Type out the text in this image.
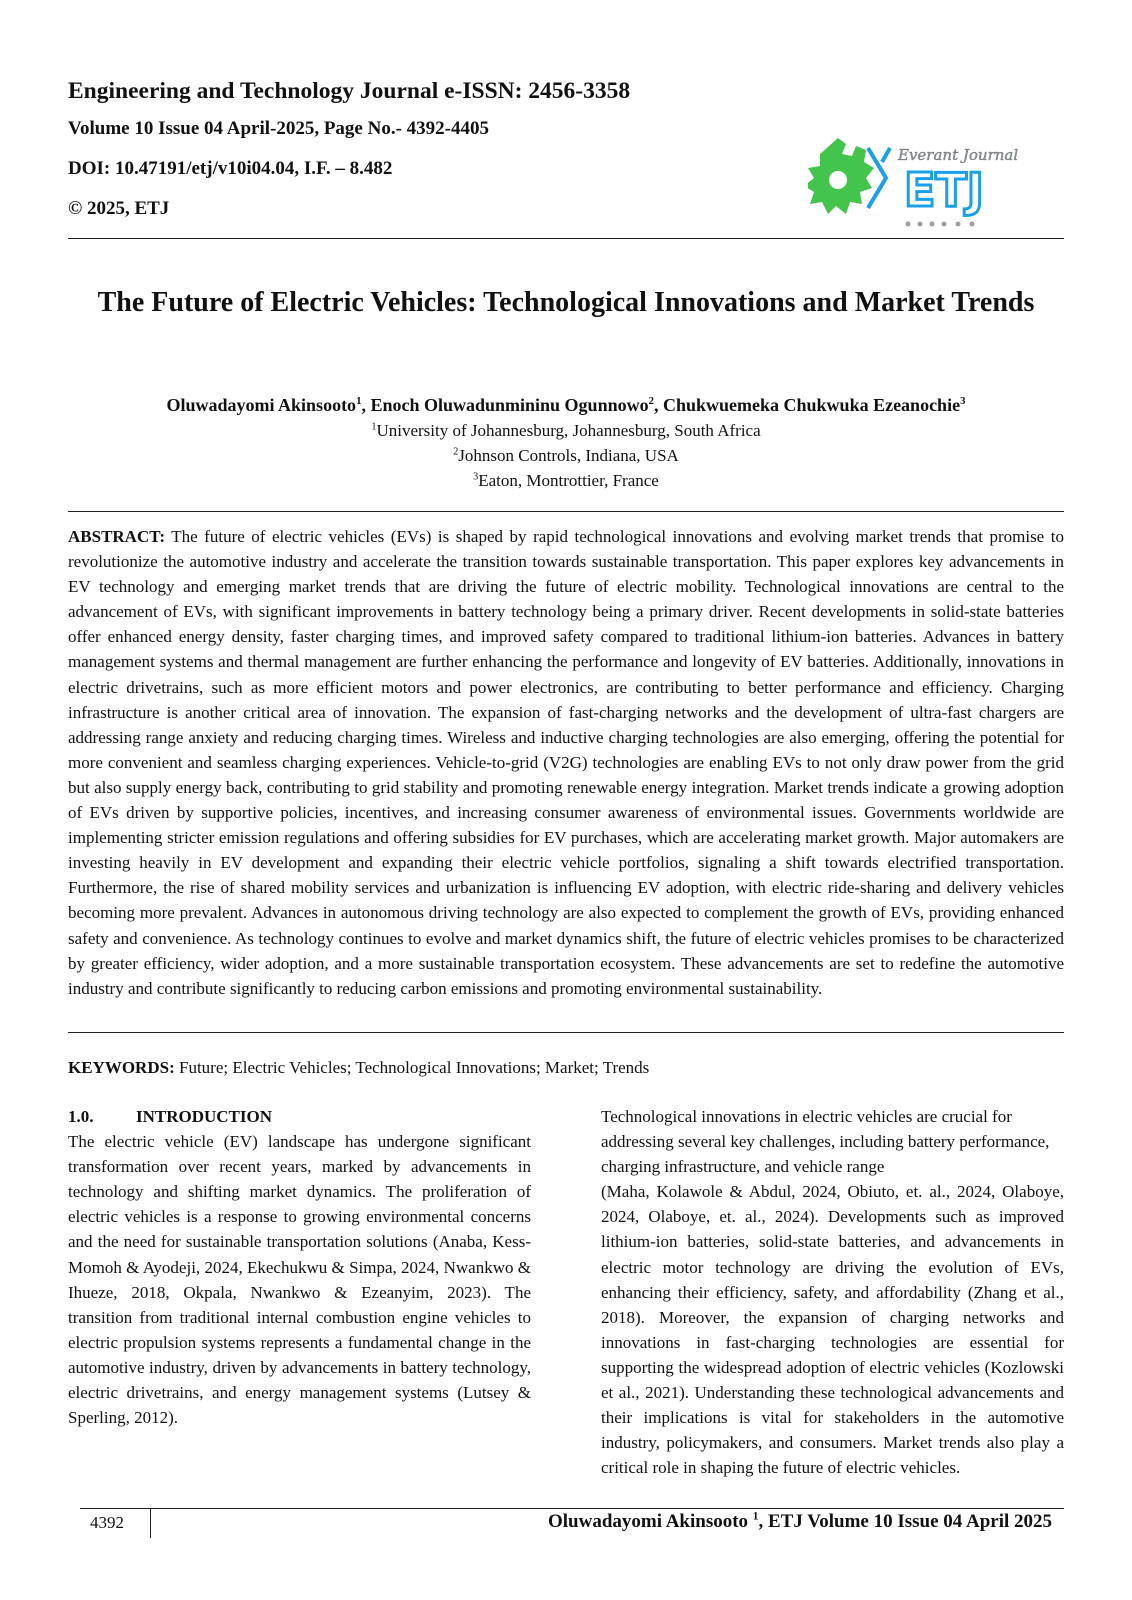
Engineering and Technology Journal e-ISSN: 2456-3358
Volume 10 Issue 04 April-2025, Page No.- 4392-4405
DOI: 10.47191/etj/v10i04.04, I.F. – 8.482
© 2025, ETJ
Everant Journal
ETJ
The Future of Electric Vehicles: Technological Innovations and Market Trends
Oluwadayomi Akinsooto$^1$, Enoch Oluwadunmininu Ogunnowo$^2$, Chukwuemeka Chukwuka Ezeanochie$^3$
$^1$University of Johannesburg, Johannesburg, South Africa
$^2$Johnson Controls, Indiana, USA
$^3$Eaton, Montrottier, France
ABSTRACT: The future of electric vehicles (EVs) is shaped by rapid technological innovations and evolving market trends that promise to revolutionize the automotive industry and accelerate the transition towards sustainable transportation. This paper explores key advancements in EV technology and emerging market trends that are driving the future of electric mobility. Technological innovations are central to the advancement of EVs, with significant improvements in battery technology being a primary driver. Recent developments in solid-state batteries offer enhanced energy density, faster charging times, and improved safety compared to traditional lithium-ion batteries. Advances in battery management systems and thermal management are further enhancing the performance and longevity of EV batteries. Additionally, innovations in electric drivetrains, such as more efficient motors and power electronics, are contributing to better performance and efficiency. Charging infrastructure is another critical area of innovation. The expansion of fast-charging networks and the development of ultra-fast chargers are addressing range anxiety and reducing charging times. Wireless and inductive charging technologies are also emerging, offering the potential for more convenient and seamless charging experiences. Vehicle-to-grid (V2G) technologies are enabling EVs to not only draw power from the grid but also supply energy back, contributing to grid stability and promoting renewable energy integration. Market trends indicate a growing adoption of EVs driven by supportive policies, incentives, and increasing consumer awareness of environmental issues. Governments worldwide are implementing stricter emission regulations and offering subsidies for EV purchases, which are accelerating market growth. Major automakers are investing heavily in EV development and expanding their electric vehicle portfolios, signaling a shift towards electrified transportation. Furthermore, the rise of shared mobility services and urbanization is influencing EV adoption, with electric ride-sharing and delivery vehicles becoming more prevalent. Advances in autonomous driving technology are also expected to complement the growth of EVs, providing enhanced safety and convenience. As technology continues to evolve and market dynamics shift, the future of electric vehicles promises to be characterized by greater efficiency, wider adoption, and a more sustainable transportation ecosystem. These advancements are set to redefine the automotive industry and contribute significantly to reducing carbon emissions and promoting environmental sustainability.
KEYWORDS: Future; Electric Vehicles; Technological Innovations; Market; Trends
1.0.	INTRODUCTION
The electric vehicle (EV) landscape has undergone significant transformation over recent years, marked by advancements in technology and shifting market dynamics. The proliferation of electric vehicles is a response to growing environmental concerns and the need for sustainable transportation solutions (Anaba, Kess-Momoh & Ayodeji, 2024, Ekechukwu & Simpa, 2024, Nwankwo & Ihueze, 2018, Okpala, Nwankwo & Ezeanyim, 2023). The transition from traditional internal combustion engine vehicles to electric propulsion systems represents a fundamental change in the automotive industry, driven by advancements in battery technology, electric drivetrains, and energy management systems (Lutsey & Sperling, 2012).
Technological innovations in electric vehicles are crucial for addressing several key challenges, including battery performance, charging infrastructure, and vehicle range
(Maha, Kolawole & Abdul, 2024, Obiuto, et. al., 2024, Olaboye, 2024, Olaboye, et. al., 2024). Developments such as improved lithium-ion batteries, solid-state batteries, and advancements in electric motor technology are driving the evolution of EVs, enhancing their efficiency, safety, and affordability (Zhang et al., 2018). Moreover, the expansion of charging networks and innovations in fast-charging technologies are essential for supporting the widespread adoption of electric vehicles (Kozlowski et al., 2021). Understanding these technological advancements and their implications is vital for stakeholders in the automotive industry, policymakers, and consumers. Market trends also play a critical role in shaping the future of electric vehicles.
4392	Oluwadayomi Akinsooto $^1$, ETJ Volume 10 Issue 04 April 2025
